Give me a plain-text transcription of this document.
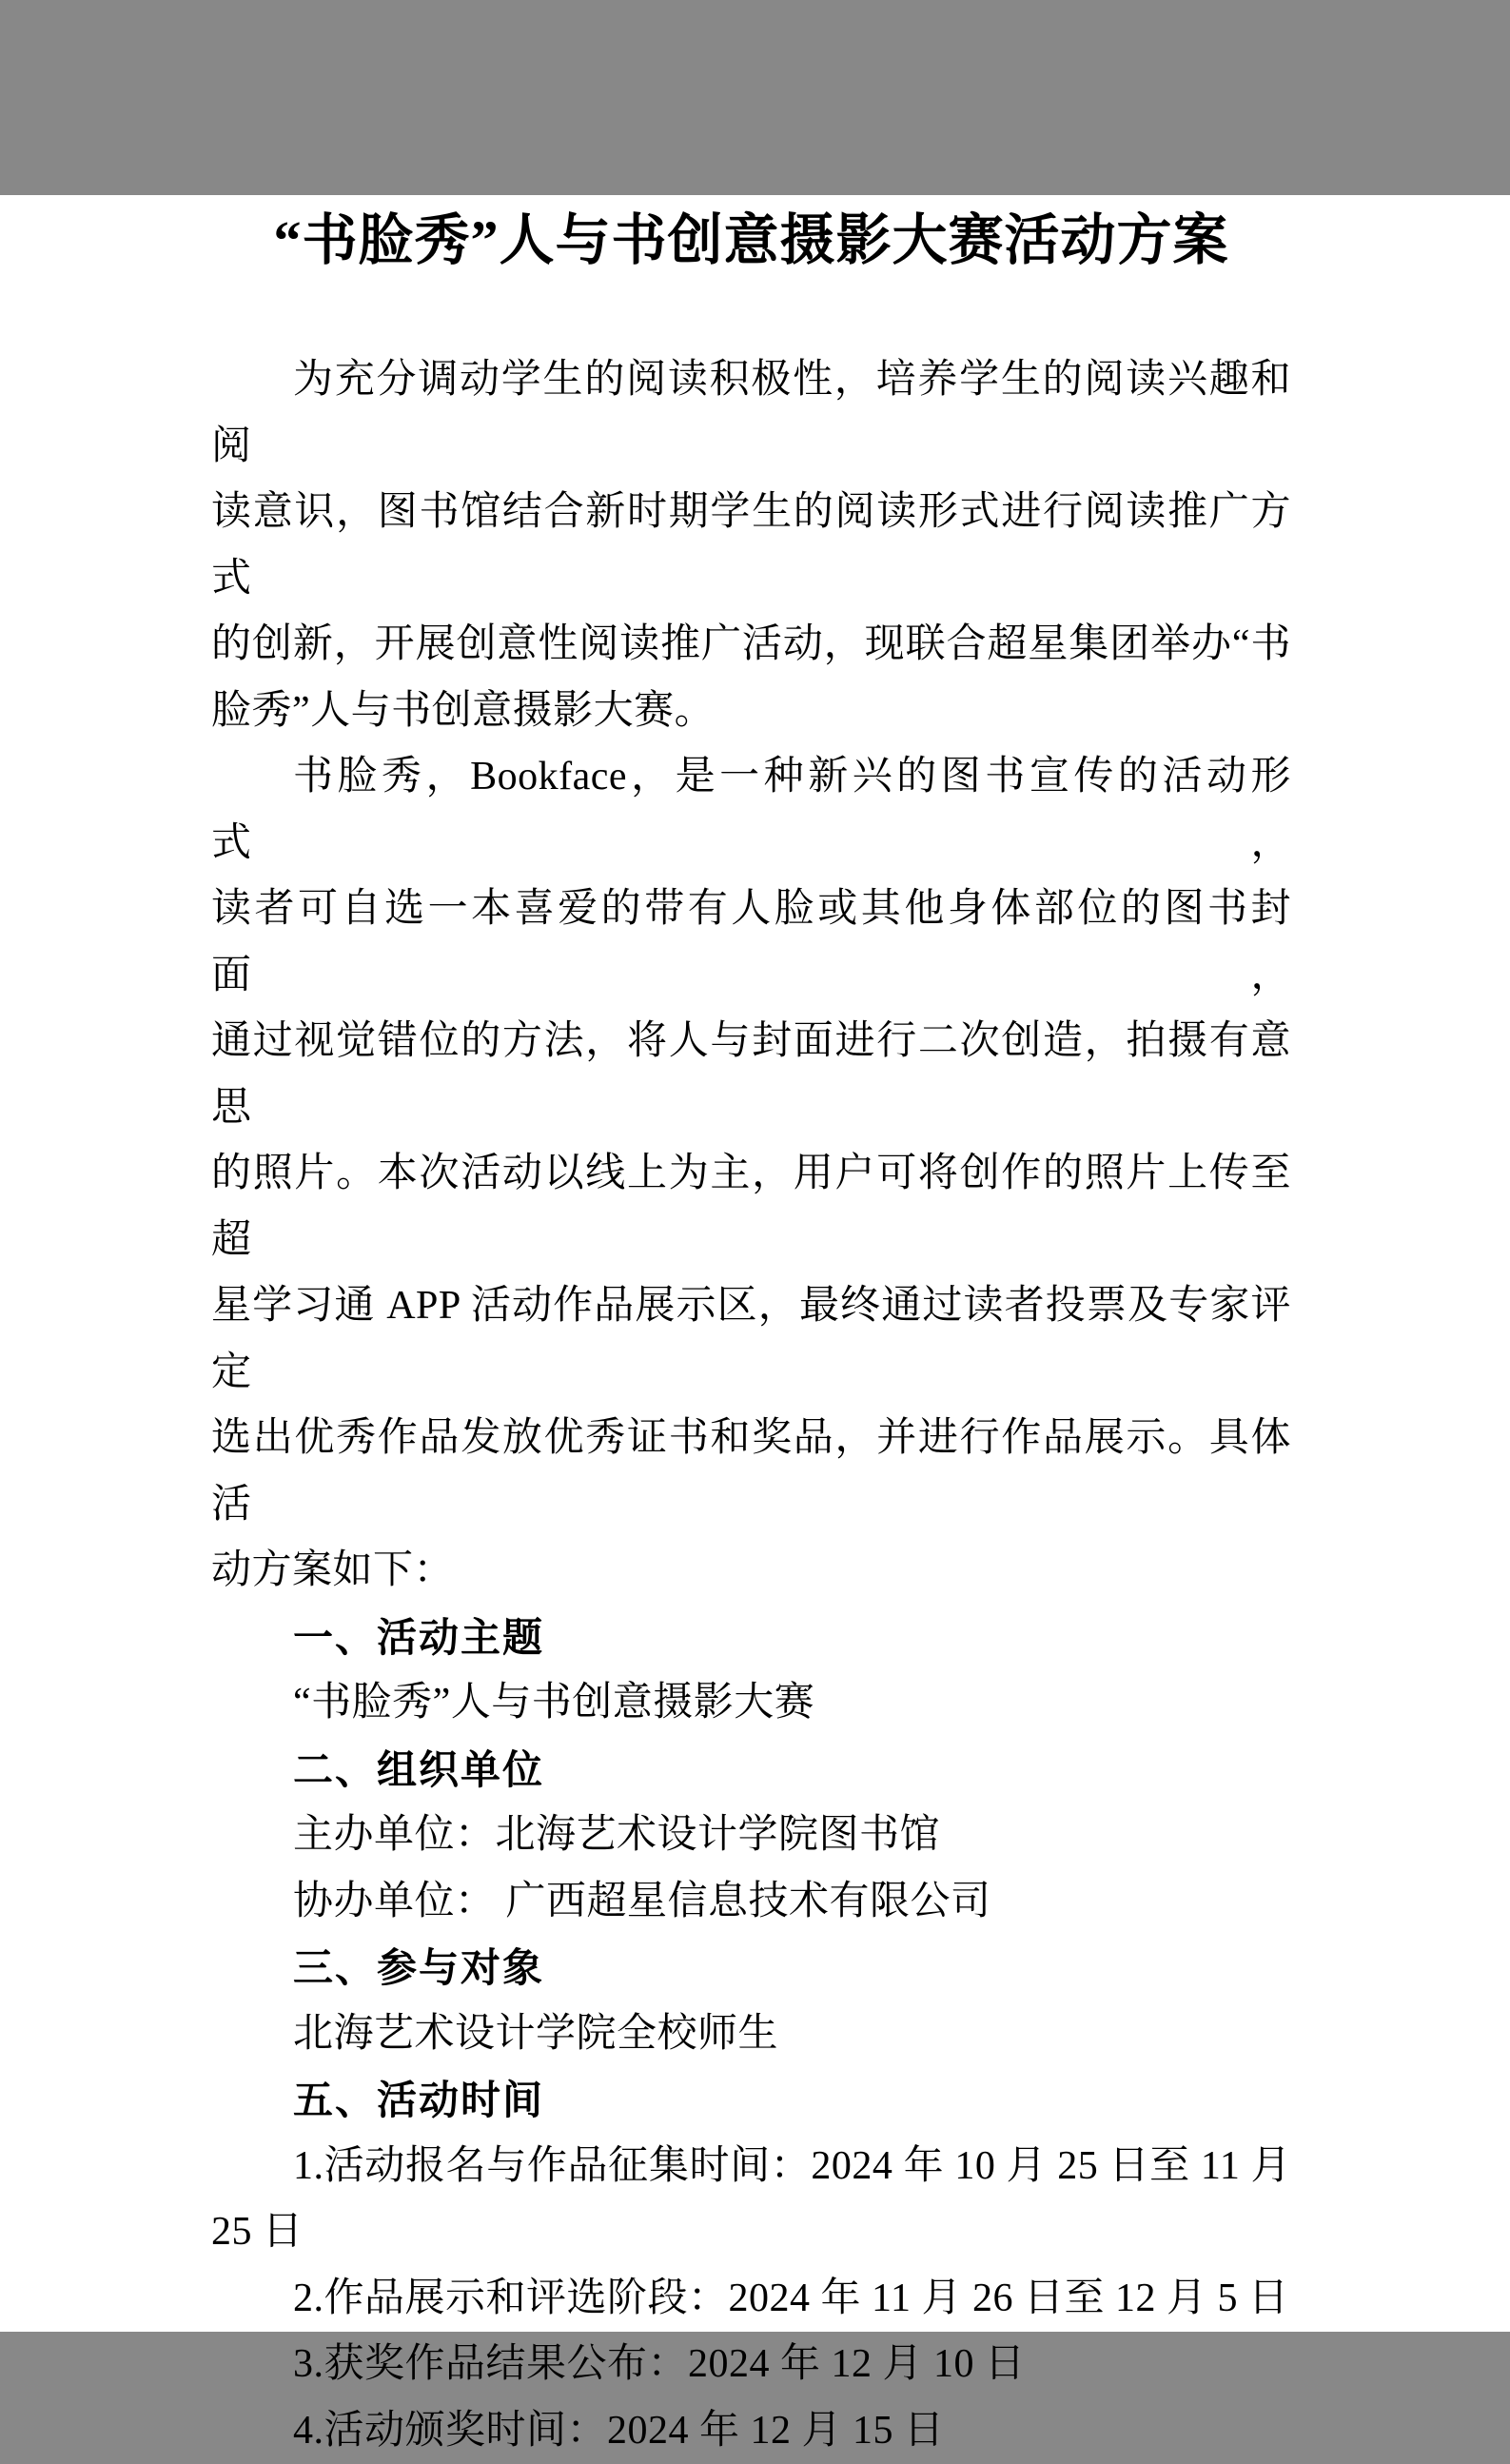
“书脸秀”人与书创意摄影大赛活动方案
为充分调动学生的阅读积极性，培养学生的阅读兴趣和阅
读意识，图书馆结合新时期学生的阅读形式进行阅读推广方式
的创新，开展创意性阅读推广活动，现联合超星集团举办“书
脸秀”人与书创意摄影大赛。
书脸秀，Bookface，是一种新兴的图书宣传的活动形式，
读者可自选一本喜爱的带有人脸或其他身体部位的图书封面，
通过视觉错位的方法，将人与封面进行二次创造，拍摄有意思
的照片。本次活动以线上为主，用户可将创作的照片上传至超
星学习通 APP 活动作品展示区，最终通过读者投票及专家评定
选出优秀作品发放优秀证书和奖品，并进行作品展示。具体活
动方案如下：
一、活动主题
“书脸秀”人与书创意摄影大赛
二、组织单位
主办单位：北海艺术设计学院图书馆
协办单位： 广西超星信息技术有限公司
三、参与对象
北海艺术设计学院全校师生
五、活动时间
1.活动报名与作品征集时间：2024 年 10 月 25 日至 11 月
25 日
2.作品展示和评选阶段：2024 年 11 月 26 日至 12 月 5 日
3.获奖作品结果公布：2024 年 12 月 10 日
4.活动颁奖时间：2024 年 12 月 15 日
